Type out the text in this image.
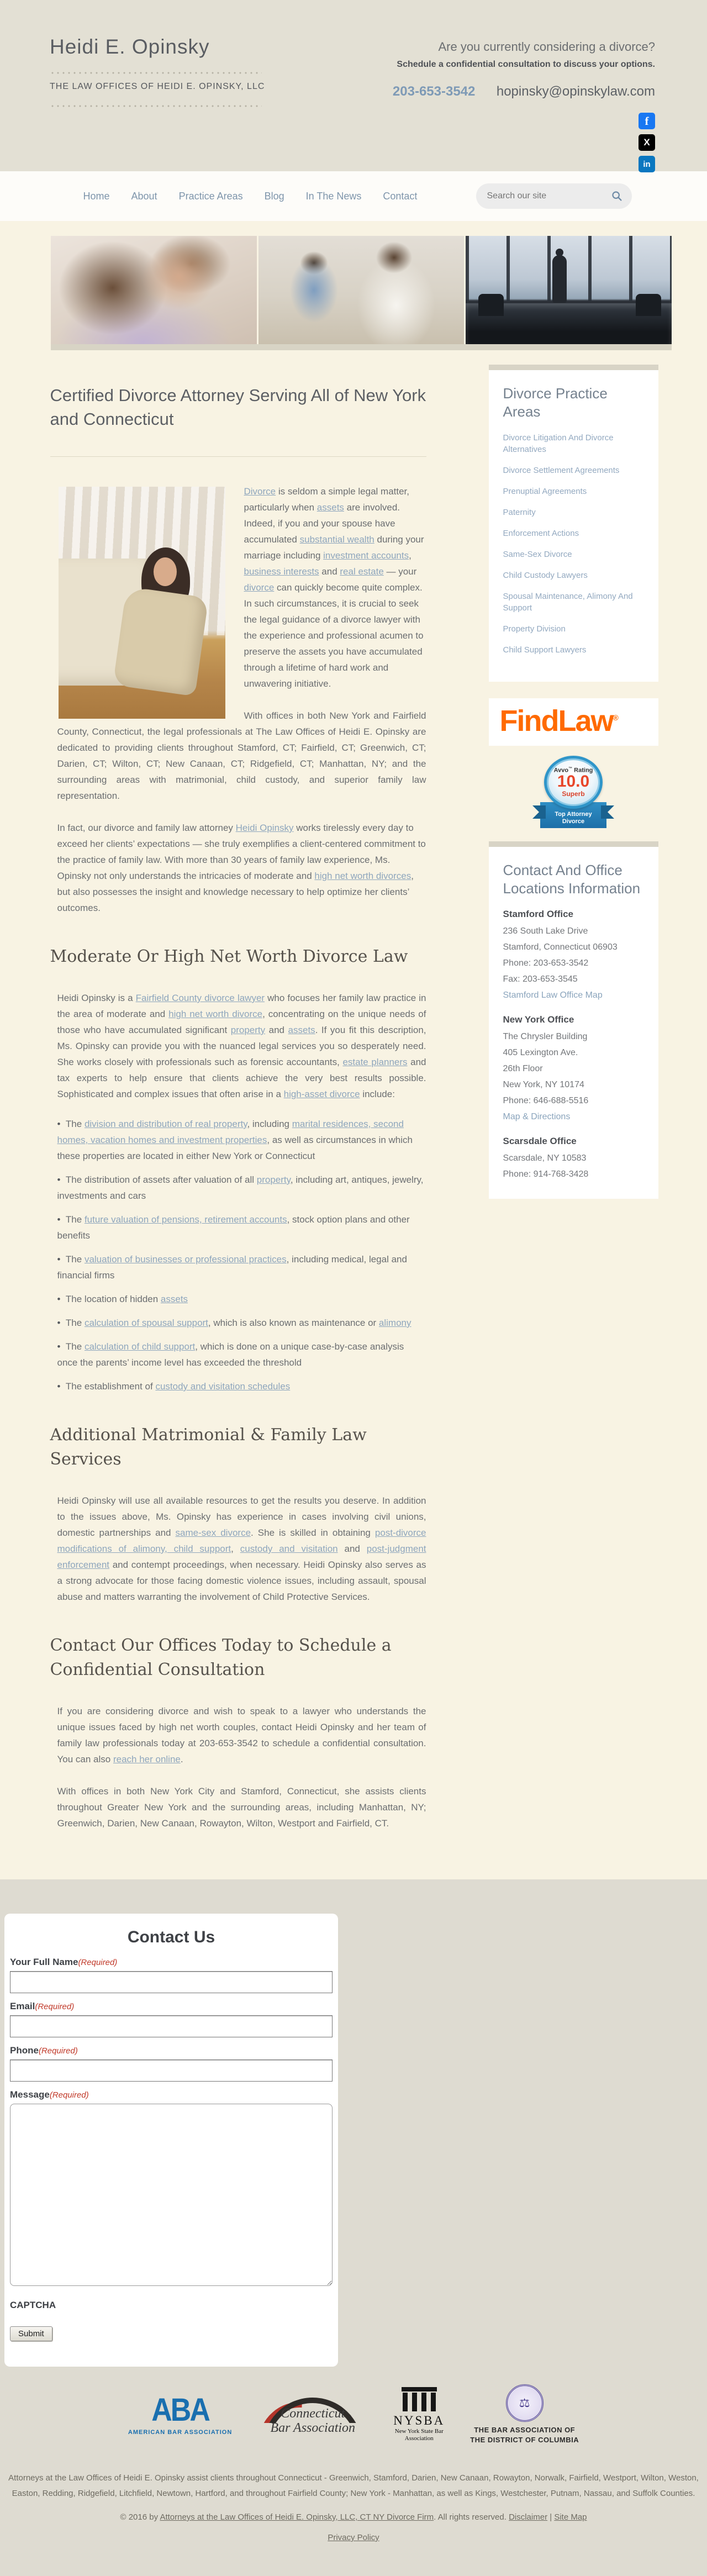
Heidi E. Opinsky
THE LAW OFFICES OF HEIDI E. OPINSKY, LLC
Are you currently considering a divorce?
Schedule a confidential consultation to discuss your options.
203-653-3542 hopinsky@opinskylaw.com
f
X
in
Home About Practice Areas Blog In The News Contact
Search our site
Certified Divorce Attorney Serving All of New York and Connecticut

Divorce is seldom a simple legal matter, particularly when assets are involved. Indeed, if you and your spouse have accumulated substantial wealth during your marriage including investment accounts, business interests and real estate — your divorce can quickly become quite complex. In such circumstances, it is crucial to seek the legal guidance of a divorce lawyer with the experience and professional acumen to preserve the assets you have accumulated through a lifetime of hard work and unwavering initiative.

With offices in both New York and Fairfield County, Connecticut, the legal professionals at The Law Offices of Heidi E. Opinsky are dedicated to providing clients throughout Stamford, CT; Fairfield, CT; Greenwich, CT; Darien, CT; Wilton, CT; New Canaan, CT; Ridgefield, CT; Manhattan, NY; and the surrounding areas with matrimonial, child custody, and superior family law representation.

In fact, our divorce and family law attorney Heidi Opinsky works tirelessly every day to exceed her clients’ expectations — she truly exemplifies a client-centered commitment to the practice of family law. With more than 30 years of family law experience, Ms. Opinsky not only understands the intricacies of moderate and high net worth divorces, but also possesses the insight and knowledge necessary to help optimize her clients’ outcomes.

Moderate Or High Net Worth Divorce Law

Heidi Opinsky is a Fairfield County divorce lawyer who focuses her family law practice in the area of moderate and high net worth divorce, concentrating on the unique needs of those who have accumulated significant property and assets. If you fit this description, Ms. Opinsky can provide you with the nuanced legal services you so desperately need. She works closely with professionals such as forensic accountants, estate planners and tax experts to help ensure that clients achieve the very best results possible. Sophisticated and complex issues that often arise in a high-asset divorce include:

•  The division and distribution of real property, including marital residences, second homes, vacation homes and investment properties, as well as circumstances in which these properties are located in either New York or Connecticut
•  The distribution of assets after valuation of all property, including art, antiques, jewelry, investments and cars
•  The future valuation of pensions, retirement accounts, stock option plans and other benefits
•  The valuation of businesses or professional practices, including medical, legal and financial firms
•  The location of hidden assets
•  The calculation of spousal support, which is also known as maintenance or alimony
•  The calculation of child support, which is done on a unique case-by-case analysis once the parents’ income level has exceeded the threshold
•  The establishment of custody and visitation schedules
Additional Matrimonial & Family Law Services

Heidi Opinsky will use all available resources to get the results you deserve. In addition to the issues above, Ms. Opinsky has experience in cases involving civil unions, domestic partnerships and same-sex divorce. She is skilled in obtaining post-divorce modifications of alimony, child support, custody and visitation and post-judgment enforcement and contempt proceedings, when necessary. Heidi Opinsky also serves as a strong advocate for those facing domestic violence issues, including assault, spousal abuse and matters warranting the involvement of Child Protective Services.

Contact Our Offices Today to Schedule a Confidential Consultation

If you are considering divorce and wish to speak to a lawyer who understands the unique issues faced by high net worth couples, contact Heidi Opinsky and her team of family law professionals today at 203-653-3542 to schedule a confidential consultation. You can also reach her online.

With offices in both New York City and Stamford, Connecticut, she assists clients throughout Greater New York and the surrounding areas, including Manhattan, NY; Greenwich, Darien, New Canaan, Rowayton, Wilton, Westport and Fairfield, CT.

Divorce Practice Areas
Divorce Litigation And Divorce Alternatives
Divorce Settlement Agreements
Prenuptial Agreements
Paternity
Enforcement Actions
Same-Sex Divorce
Child Custody Lawyers
Spousal Maintenance, Alimony And Support
Property Division
Child Support Lawyers
FindLaw®
Avvo™ Rating
10.0
Superb
Top Attorney
Divorce
Contact And Office Locations Information
Stamford Office
236 South Lake Drive
Stamford, Connecticut 06903
Phone: 203-653-3542
Fax: 203-653-3545
Stamford Law Office Map
New York Office
The Chrysler Building
405 Lexington Ave.
26th Floor
New York, NY 10174
Phone: 646-688-5516
Map & Directions
Scarsdale Office
Scarsdale, NY 10583
Phone: 914-768-3428
Contact Us
Your Full Name(Required)
Email(Required)
Phone(Required)
Message(Required)
CAPTCHA
Submit
ABA
AMERICAN BAR ASSOCIATION
Connecticut
Bar Association
NYSBA
New York State Bar
Association
⚖
THE BAR ASSOCIATION OF
THE DISTRICT OF COLUMBIA
Attorneys at the Law Offices of Heidi E. Opinsky assist clients throughout Connecticut - Greenwich, Stamford, Darien, New Canaan, Rowayton, Norwalk, Fairfield, Westport, Wilton, Weston, Easton, Redding, Ridgefield, Litchfield, Newtown, Hartford, and throughout Fairfield County; New York - Manhattan, as well as Kings, Westchester, Putnam, Nassau, and Suffolk Counties.
© 2016 by Attorneys at the Law Offices of Heidi E. Opinsky, LLC, CT NY Divorce Firm. All rights reserved. Disclaimer | Site Map
Privacy Policy
